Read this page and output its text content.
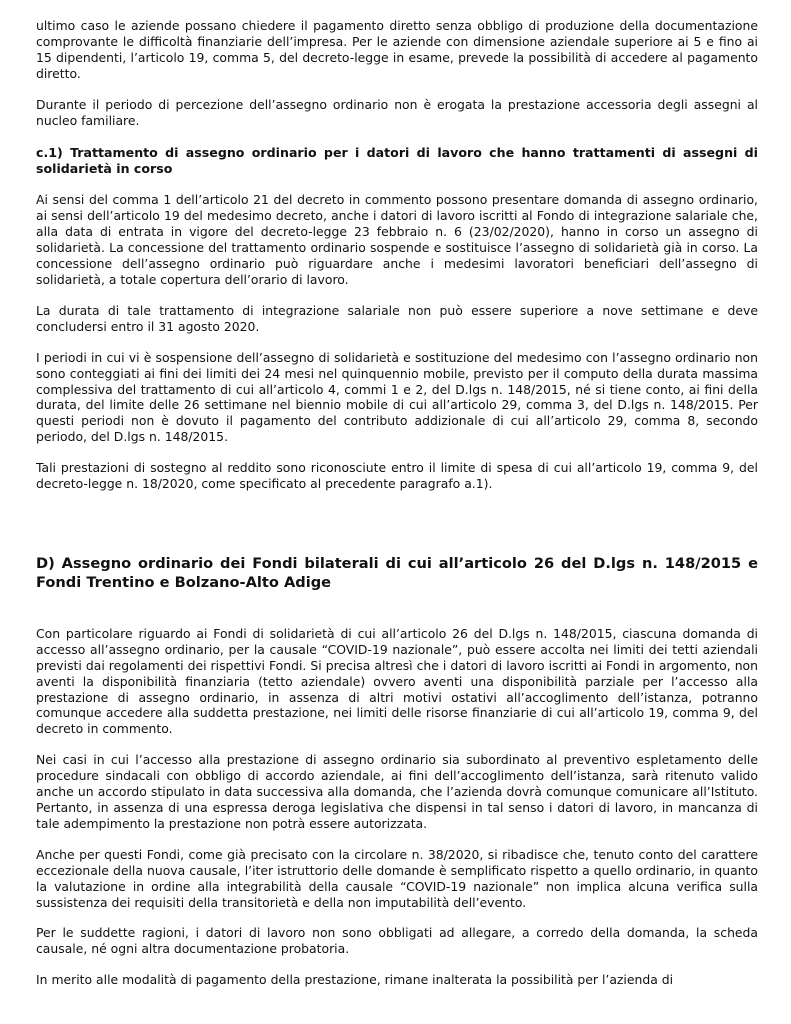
ultimo caso le aziende possano chiedere il pagamento diretto senza obbligo di produzione della documentazione comprovante le difficoltà finanziarie dell’impresa. Per le aziende con dimensione aziendale superiore ai 5 e fino ai 15 dipendenti, l’articolo 19, comma 5, del decreto-legge in esame, prevede la possibilità di accedere al pagamento diretto.

Durante il periodo di percezione dell’assegno ordinario non è erogata la prestazione accessoria degli assegni al nucleo familiare.

c.1) Trattamento di assegno ordinario per i datori di lavoro che hanno trattamenti di assegni di solidarietà in corso

Ai sensi del comma 1 dell’articolo 21 del decreto in commento possono presentare domanda di assegno ordinario, ai sensi dell’articolo 19 del medesimo decreto, anche i datori di lavoro iscritti al Fondo di integrazione salariale che, alla data di entrata in vigore del decreto-legge 23 febbraio n. 6 (23/02/2020), hanno in corso un assegno di solidarietà. La concessione del trattamento ordinario sospende e sostituisce l’assegno di solidarietà già in corso. La concessione dell’assegno ordinario può riguardare anche i medesimi lavoratori beneficiari dell’assegno di solidarietà, a totale copertura dell’orario di lavoro.

La durata di tale trattamento di integrazione salariale non può essere superiore a nove settimane e deve concludersi entro il 31 agosto 2020.

I periodi in cui vi è sospensione dell’assegno di solidarietà e sostituzione del medesimo con l’assegno ordinario non sono conteggiati ai fini dei limiti dei 24 mesi nel quinquennio mobile, previsto per il computo della durata massima complessiva del trattamento di cui all’articolo 4, commi 1 e 2, del D.lgs n. 148/2015, né si tiene conto, ai fini della durata, del limite delle 26 settimane nel biennio mobile di cui all’articolo 29, comma 3, del D.lgs n. 148/2015. Per questi periodi non è dovuto il pagamento del contributo addizionale di cui all’articolo 29, comma 8, secondo periodo, del D.lgs n. 148/2015.

Tali prestazioni di sostegno al reddito sono riconosciute entro il limite di spesa di cui all’articolo 19, comma 9, del decreto-legge n. 18/2020, come specificato al precedente paragrafo a.1).

D) Assegno ordinario dei Fondi bilaterali di cui all’articolo 26 del D.lgs n. 148/2015 e Fondi Trentino e Bolzano-Alto Adige

Con particolare riguardo ai Fondi di solidarietà di cui all’articolo 26 del D.lgs n. 148/2015, ciascuna domanda di accesso all’assegno ordinario, per la causale “COVID-19 nazionale”, può essere accolta nei limiti dei tetti aziendali previsti dai regolamenti dei rispettivi Fondi. Si precisa altresì che i datori di lavoro iscritti ai Fondi in argomento, non aventi la disponibilità finanziaria (tetto aziendale) ovvero aventi una disponibilità parziale per l’accesso alla prestazione di assegno ordinario, in assenza di altri motivi ostativi all’accoglimento dell’istanza, potranno comunque accedere alla suddetta prestazione, nei limiti delle risorse finanziarie di cui all’articolo 19, comma 9, del decreto in commento.

Nei casi in cui l’accesso alla prestazione di assegno ordinario sia subordinato al preventivo espletamento delle procedure sindacali con obbligo di accordo aziendale, ai fini dell’accoglimento dell’istanza, sarà ritenuto valido anche un accordo stipulato in data successiva alla domanda, che l’azienda dovrà comunque comunicare all’Istituto. Pertanto, in assenza di una espressa deroga legislativa che dispensi in tal senso i datori di lavoro, in mancanza di tale adempimento la prestazione non potrà essere autorizzata.

Anche per questi Fondi, come già precisato con la circolare n. 38/2020, si ribadisce che, tenuto conto del carattere eccezionale della nuova causale, l’iter istruttorio delle domande è semplificato rispetto a quello ordinario, in quanto la valutazione in ordine alla integrabilità della causale “COVID-19 nazionale” non implica alcuna verifica sulla sussistenza dei requisiti della transitorietà e della non imputabilità dell’evento.

Per le suddette ragioni, i datori di lavoro non sono obbligati ad allegare, a corredo della domanda, la scheda causale, né ogni altra documentazione probatoria.

In merito alle modalità di pagamento della prestazione, rimane inalterata la possibilità per l’azienda di
